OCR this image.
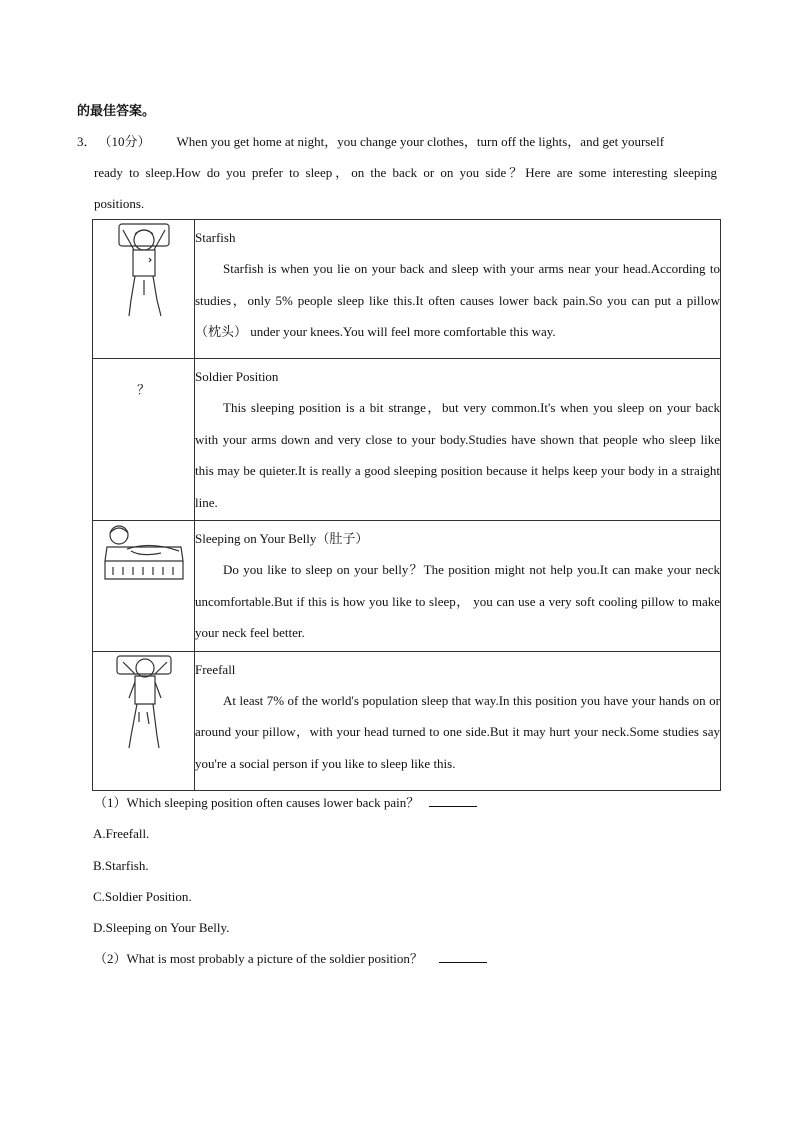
的最佳答案。
3． （10分） When you get home at night，you change your clothes，turn off the lights，and get yourself
ready to sleep.How do you prefer to sleep，on the back or on you side？Here are some interesting sleeping
positions.

Starfish
Starfish is when you lie on your back and sleep with your arms near your head.According to studies，only 5% people sleep like this.It often causes lower back pain.So you can put a pillow （枕头） under your knees.You will feel more comfortable this way.

？	Soldier Position
This sleeping position is a bit strange，but very common.It's when you sleep on your back with your arms down and very close to your body.Studies have shown that people who sleep like this may be quieter.It is really a good sleeping position because it helps keep your body in a straight line.

Sleeping on Your Belly（肚子）
Do you like to sleep on your belly？The position might not help you.It can make your neck uncomfortable.But if this is how you like to sleep， you can use a very soft cooling pillow to make your neck feel better.

Freefall
At least 7% of the world's population sleep that way.In this position you have your hands on or around your pillow，with your head turned to one side.But it may hurt your neck.Some studies say you're a social person if you like to sleep like this.
（1）Which sleeping position often causes lower back pain？
A.Freefall.
B.Starfish.
C.Soldier Position.
D.Sleeping on Your Belly.
（2）What is most probably a picture of the soldier position？
